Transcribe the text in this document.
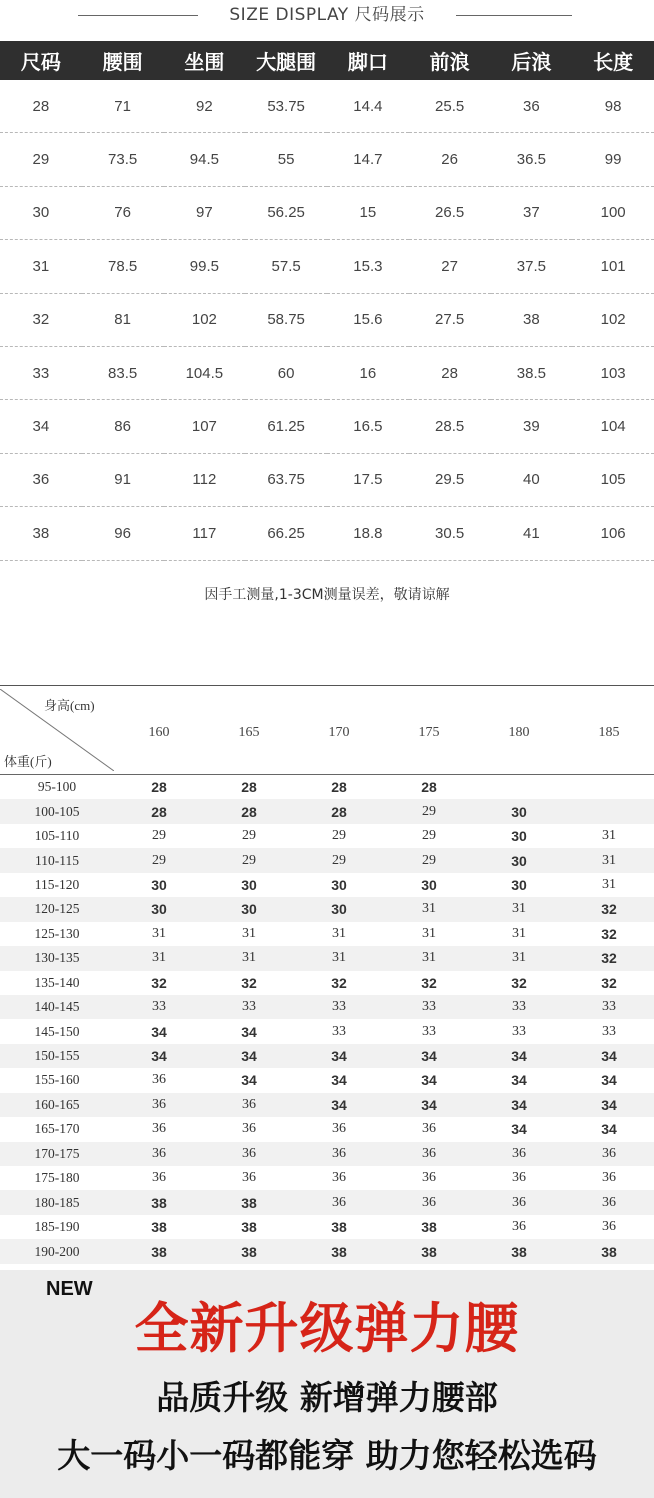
SIZE DISPLAY 尺码展示
尺码	腰围	坐围	大腿围	脚口	前浪	后浪	长度
28	71	92	53.75	14.4	25.5	36	98
29	73.5	94.5	55	14.7	26	36.5	99
30	76	97	56.25	15	26.5	37	100
31	78.5	99.5	57.5	15.3	27	37.5	101
32	81	102	58.75	15.6	27.5	38	102
33	83.5	104.5	60	16	28	38.5	103
34	86	107	61.25	16.5	28.5	39	104
36	91	112	63.75	17.5	29.5	40	105
38	96	117	66.25	18.8	30.5	41	106
因手工测量,1-3CM测量误差，敬请谅解
身高(cm)
体重(斤)	160	165	170	175	180	185
95-100	28	28	28	28		
100-105	28	28	28	29	30	
105-110	29	29	29	29	30	31
110-115	29	29	29	29	30	31
115-120	30	30	30	30	30	31
120-125	30	30	30	31	31	32
125-130	31	31	31	31	31	32
130-135	31	31	31	31	31	32
135-140	32	32	32	32	32	32
140-145	33	33	33	33	33	33
145-150	34	34	33	33	33	33
150-155	34	34	34	34	34	34
155-160	36	34	34	34	34	34
160-165	36	36	34	34	34	34
165-170	36	36	36	36	34	34
170-175	36	36	36	36	36	36
175-180	36	36	36	36	36	36
180-185	38	38	36	36	36	36
185-190	38	38	38	38	36	36
190-200	38	38	38	38	38	38
NEW
全新升级弹力腰
品质升级 新增弹力腰部
大一码小一码都能穿 助力您轻松选码
